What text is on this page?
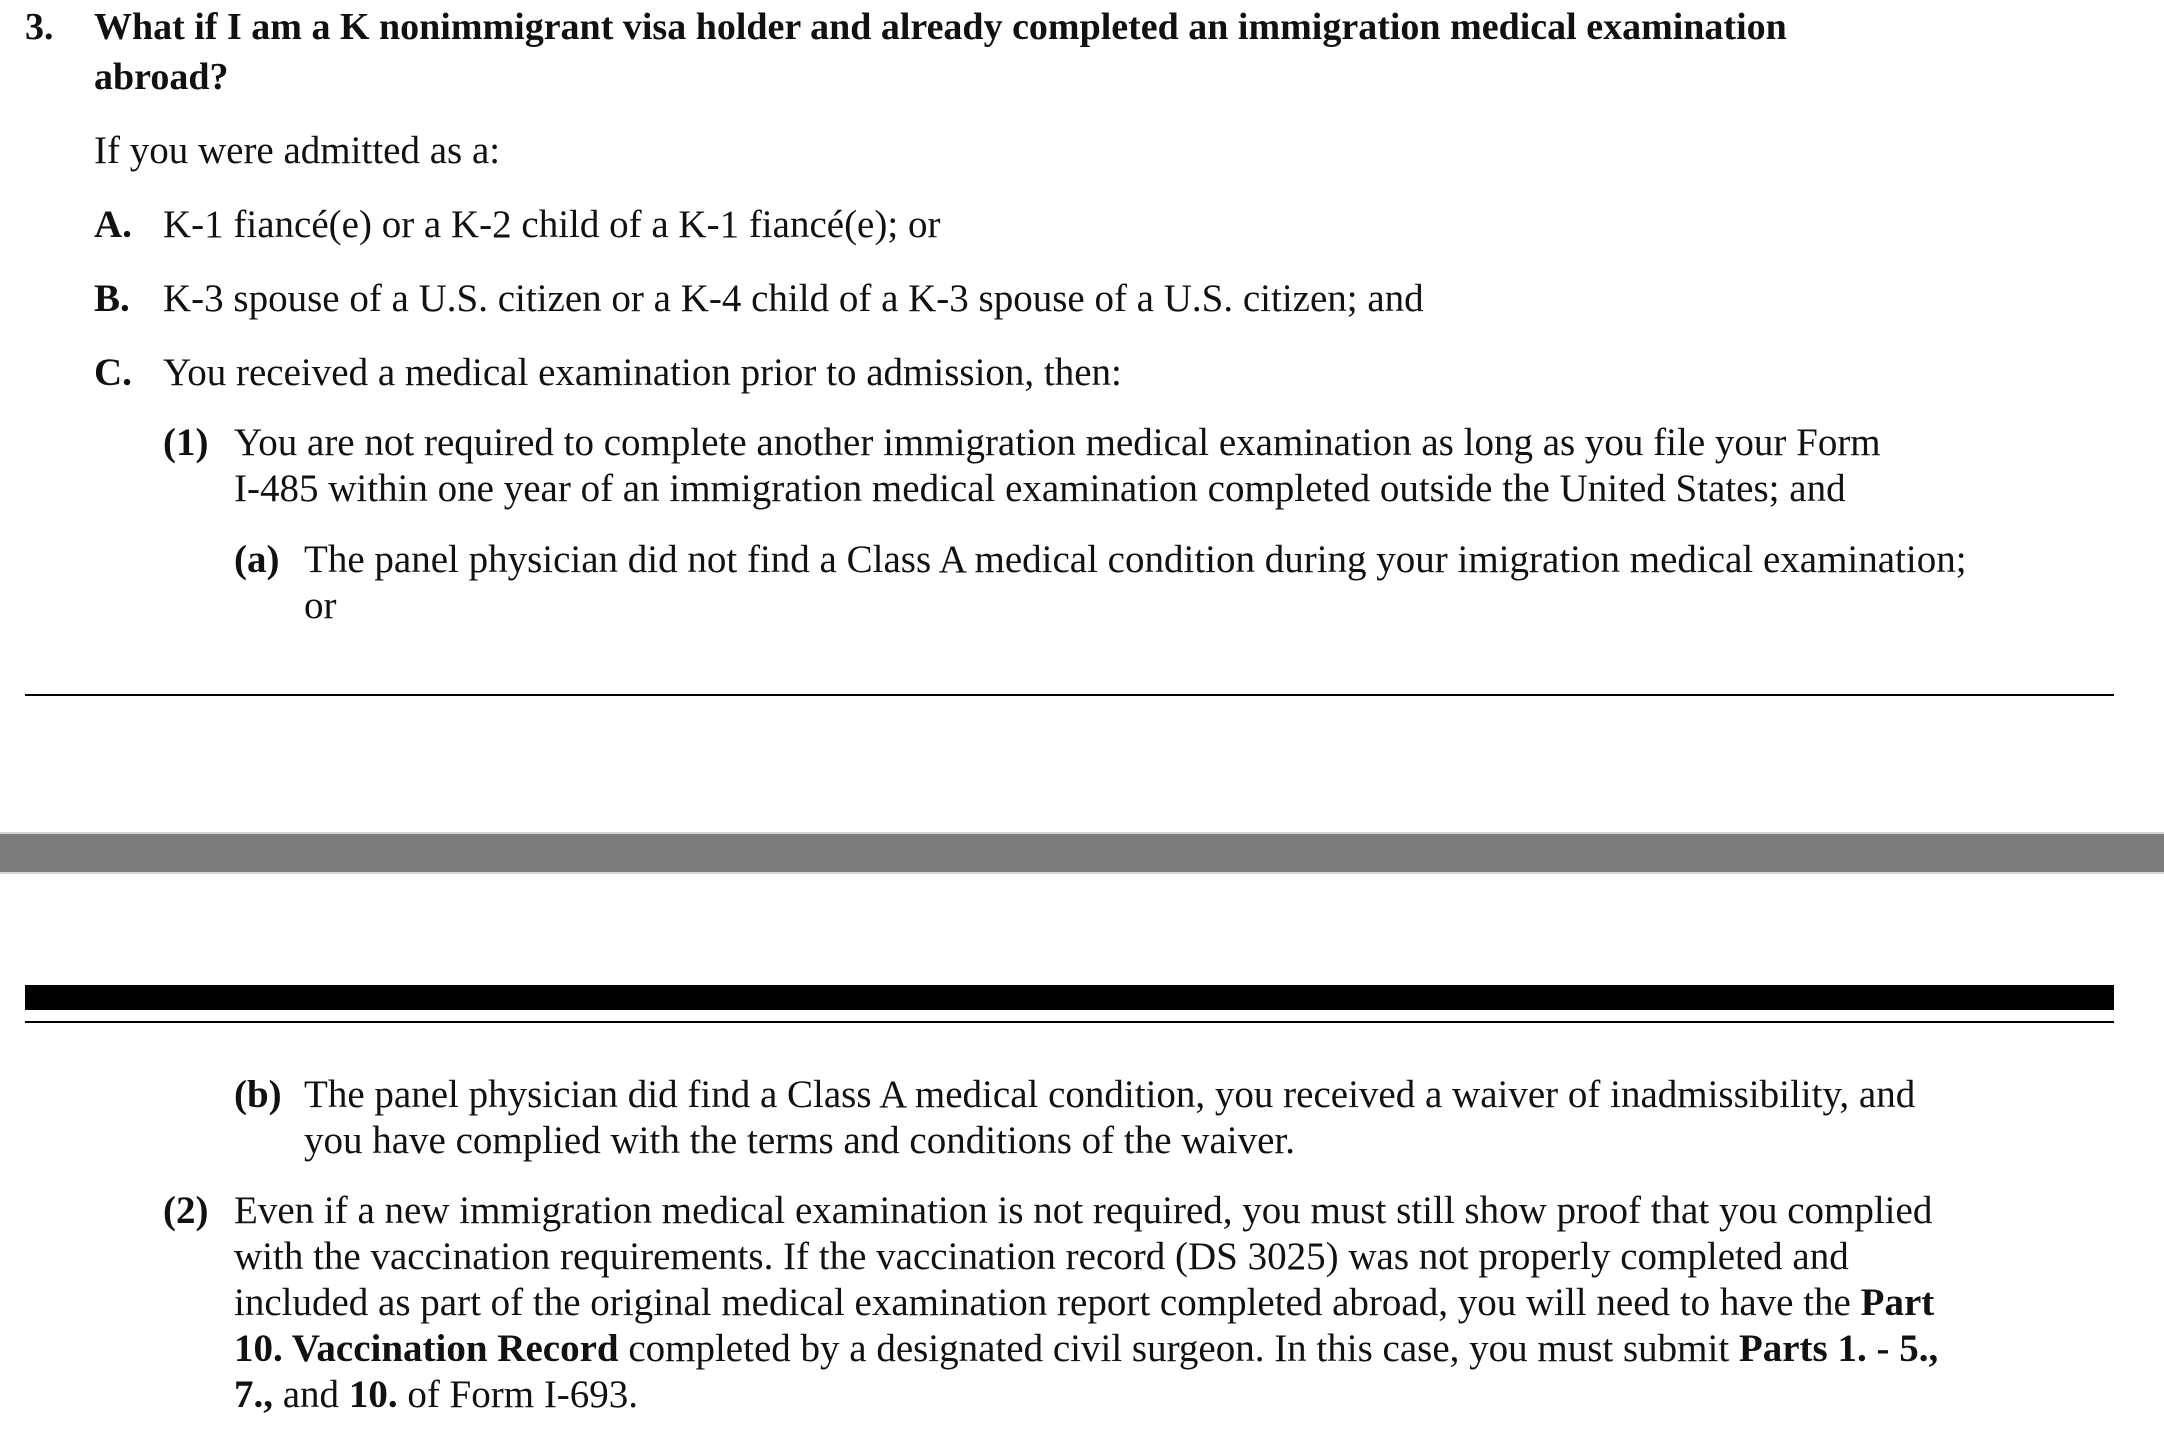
3. What if I am a K nonimmigrant visa holder and already completed an immigration medical examination
abroad?
If you were admitted as a:
A. K-1 fiancé(e) or a K-2 child of a K-1 fiancé(e); or
B. K-3 spouse of a U.S. citizen or a K-4 child of a K-3 spouse of a U.S. citizen; and
C. You received a medical examination prior to admission, then:
(1) You are not required to complete another immigration medical examination as long as you file your Form
I-485 within one year of an immigration medical examination completed outside the United States; and
(a) The panel physician did not find a Class A medical condition during your imigration medical examination;
or
(b) The panel physician did find a Class A medical condition, you received a waiver of inadmissibility, and
you have complied with the terms and conditions of the waiver.
(2) Even if a new immigration medical examination is not required, you must still show proof that you complied
with the vaccination requirements. If the vaccination record (DS 3025) was not properly completed and
included as part of the original medical examination report completed abroad, you will need to have the Part
10. Vaccination Record completed by a designated civil surgeon. In this case, you must submit Parts 1. - 5.,
7., and 10. of Form I-693.
